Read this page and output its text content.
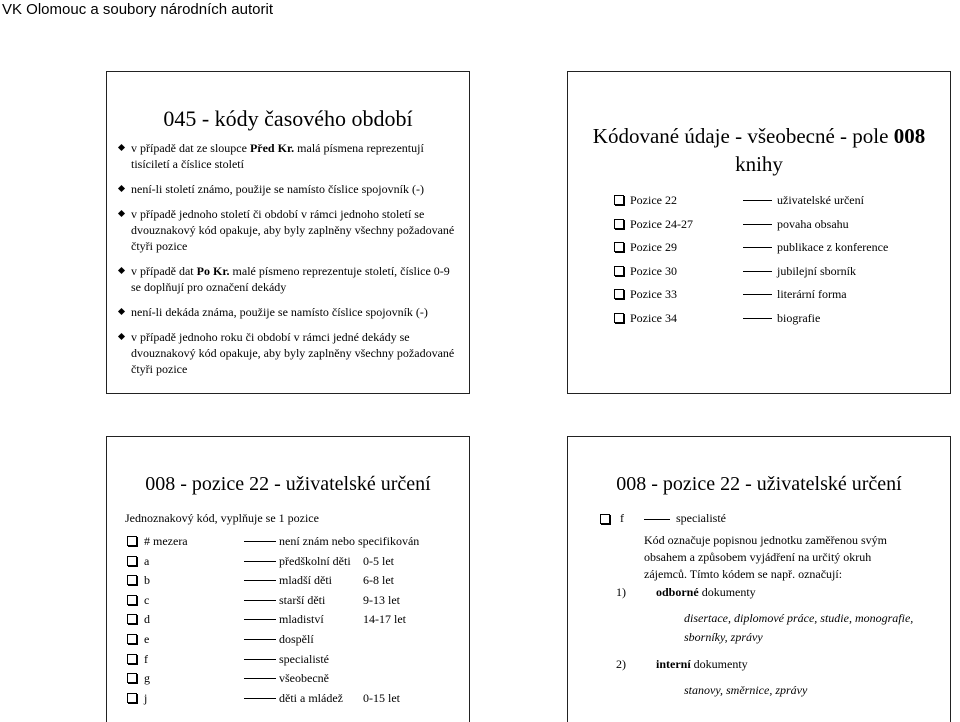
VK Olomouc a soubory národních autorit
045 - kódy časového období
v případě dat ze sloupce Před Kr. malá písmena reprezentují tisíciletí a číslice století
není-li století známo, použije se namísto číslice spojovník (-)
v případě jednoho století či období v rámci jednoho století se dvouznakový kód opakuje, aby byly zaplněny všechny požadované čtyři pozice
v případě dat Po Kr. malé písmeno reprezentuje století, číslice 0-9 se doplňují pro označení dekády
není-li dekáda známa, použije se namísto číslice spojovník (-)
v případě jednoho roku či období v rámci jedné dekády se dvouznakový kód opakuje, aby byly zaplněny všechny požadované čtyři pozice
Kódované údaje - všeobecné - pole 008 knihy
Pozice 22	uživatelské určení
Pozice 24-27	povaha obsahu
Pozice 29	publikace z konference
Pozice 30	jubilejní sborník
Pozice 33	literární forma
Pozice 34	biografie
008 - pozice 22 - uživatelské určení
Jednoznakový kód, vyplňuje se 1 pozice
# mezera	není znám nebo specifikován
a	předškolní děti 0-5 let
b	mladší děti	6-8 let
c	starší děti	9-13 let
d	mladiství	14-17 let
e	dospělí
f	specialisté
g	všeobecně
j	děti a mládež 0-15 let
008 - pozice 22 - uživatelské určení
f	specialisté
Kód označuje popisnou jednotku zaměřenou svým obsahem a způsobem vyjádření na určitý okruh zájemců. Tímto kódem se např. označují:
1)	odborné dokumenty
disertace, diplomové práce, studie, monografie,
sborníky, zprávy
2)	interní dokumenty
stanovy, směrnice, zprávy
